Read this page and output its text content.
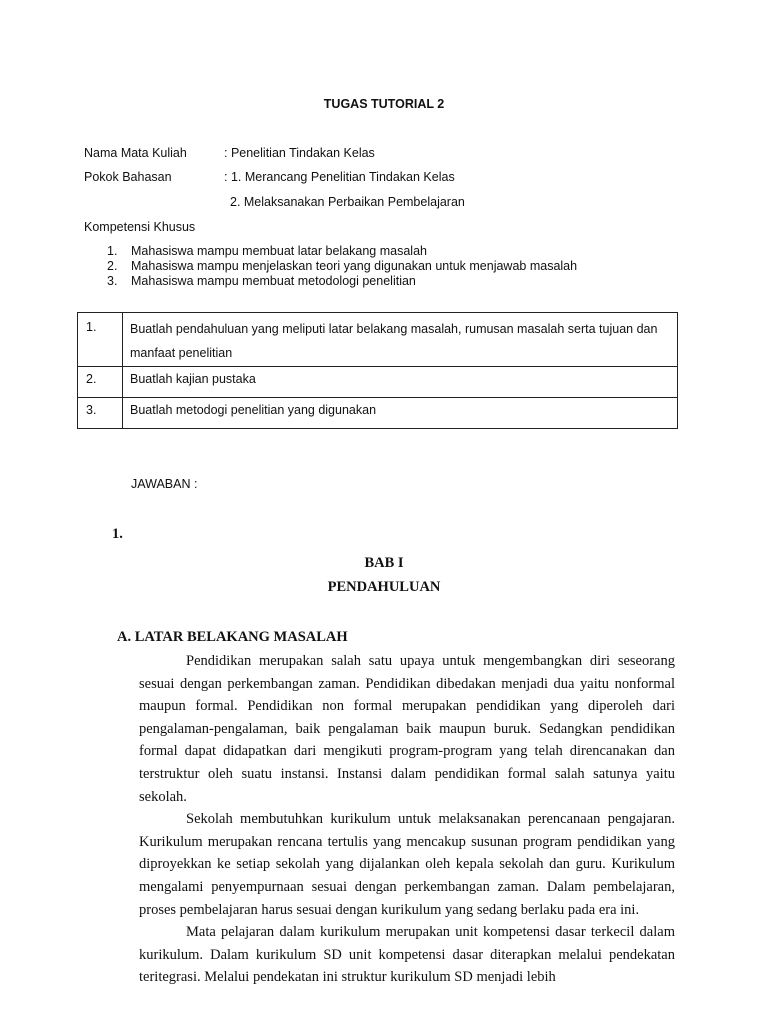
TUGAS TUTORIAL 2
Nama Mata Kuliah	: Penelitian Tindakan Kelas
Pokok Bahasan	: 1. Merancang Penelitian Tindakan Kelas
2. Melaksanakan Perbaikan Pembelajaran
Kompetensi Khusus
1. Mahasiswa mampu membuat latar belakang masalah
2. Mahasiswa mampu menjelaskan teori yang digunakan untuk menjawab masalah
3. Mahasiswa mampu membuat metodologi penelitian
1.	Buatlah pendahuluan yang meliputi latar belakang masalah, rumusan masalah serta tujuan dan manfaat penelitian
2.	Buatlah kajian pustaka
3.	Buatlah metodogi penelitian yang digunakan
JAWABAN :
1.
BAB I
PENDAHULUAN
A. LATAR BELAKANG MASALAH
Pendidikan merupakan salah satu upaya untuk mengembangkan diri seseorang sesuai dengan perkembangan zaman. Pendidikan dibedakan menjadi dua yaitu nonformal maupun formal. Pendidikan non formal merupakan pendidikan yang diperoleh dari pengalaman-pengalaman, baik pengalaman baik maupun buruk. Sedangkan pendidikan formal dapat didapatkan dari mengikuti program-program yang telah direncanakan dan terstruktur oleh suatu instansi. Instansi dalam pendidikan formal salah satunya yaitu sekolah.
Sekolah membutuhkan kurikulum untuk melaksanakan perencanaan pengajaran. Kurikulum merupakan rencana tertulis yang mencakup susunan program pendidikan yang diproyekkan ke setiap sekolah yang dijalankan oleh kepala sekolah dan guru. Kurikulum mengalami penyempurnaan sesuai dengan perkembangan zaman. Dalam pembelajaran, proses pembelajaran harus sesuai dengan kurikulum yang sedang berlaku pada era ini.
Mata pelajaran dalam kurikulum merupakan unit kompetensi dasar terkecil dalam kurikulum. Dalam kurikulum SD unit kompetensi dasar diterapkan melalui pendekatan teritegrasi. Melalui pendekatan ini struktur kurikulum SD menjadi lebih
